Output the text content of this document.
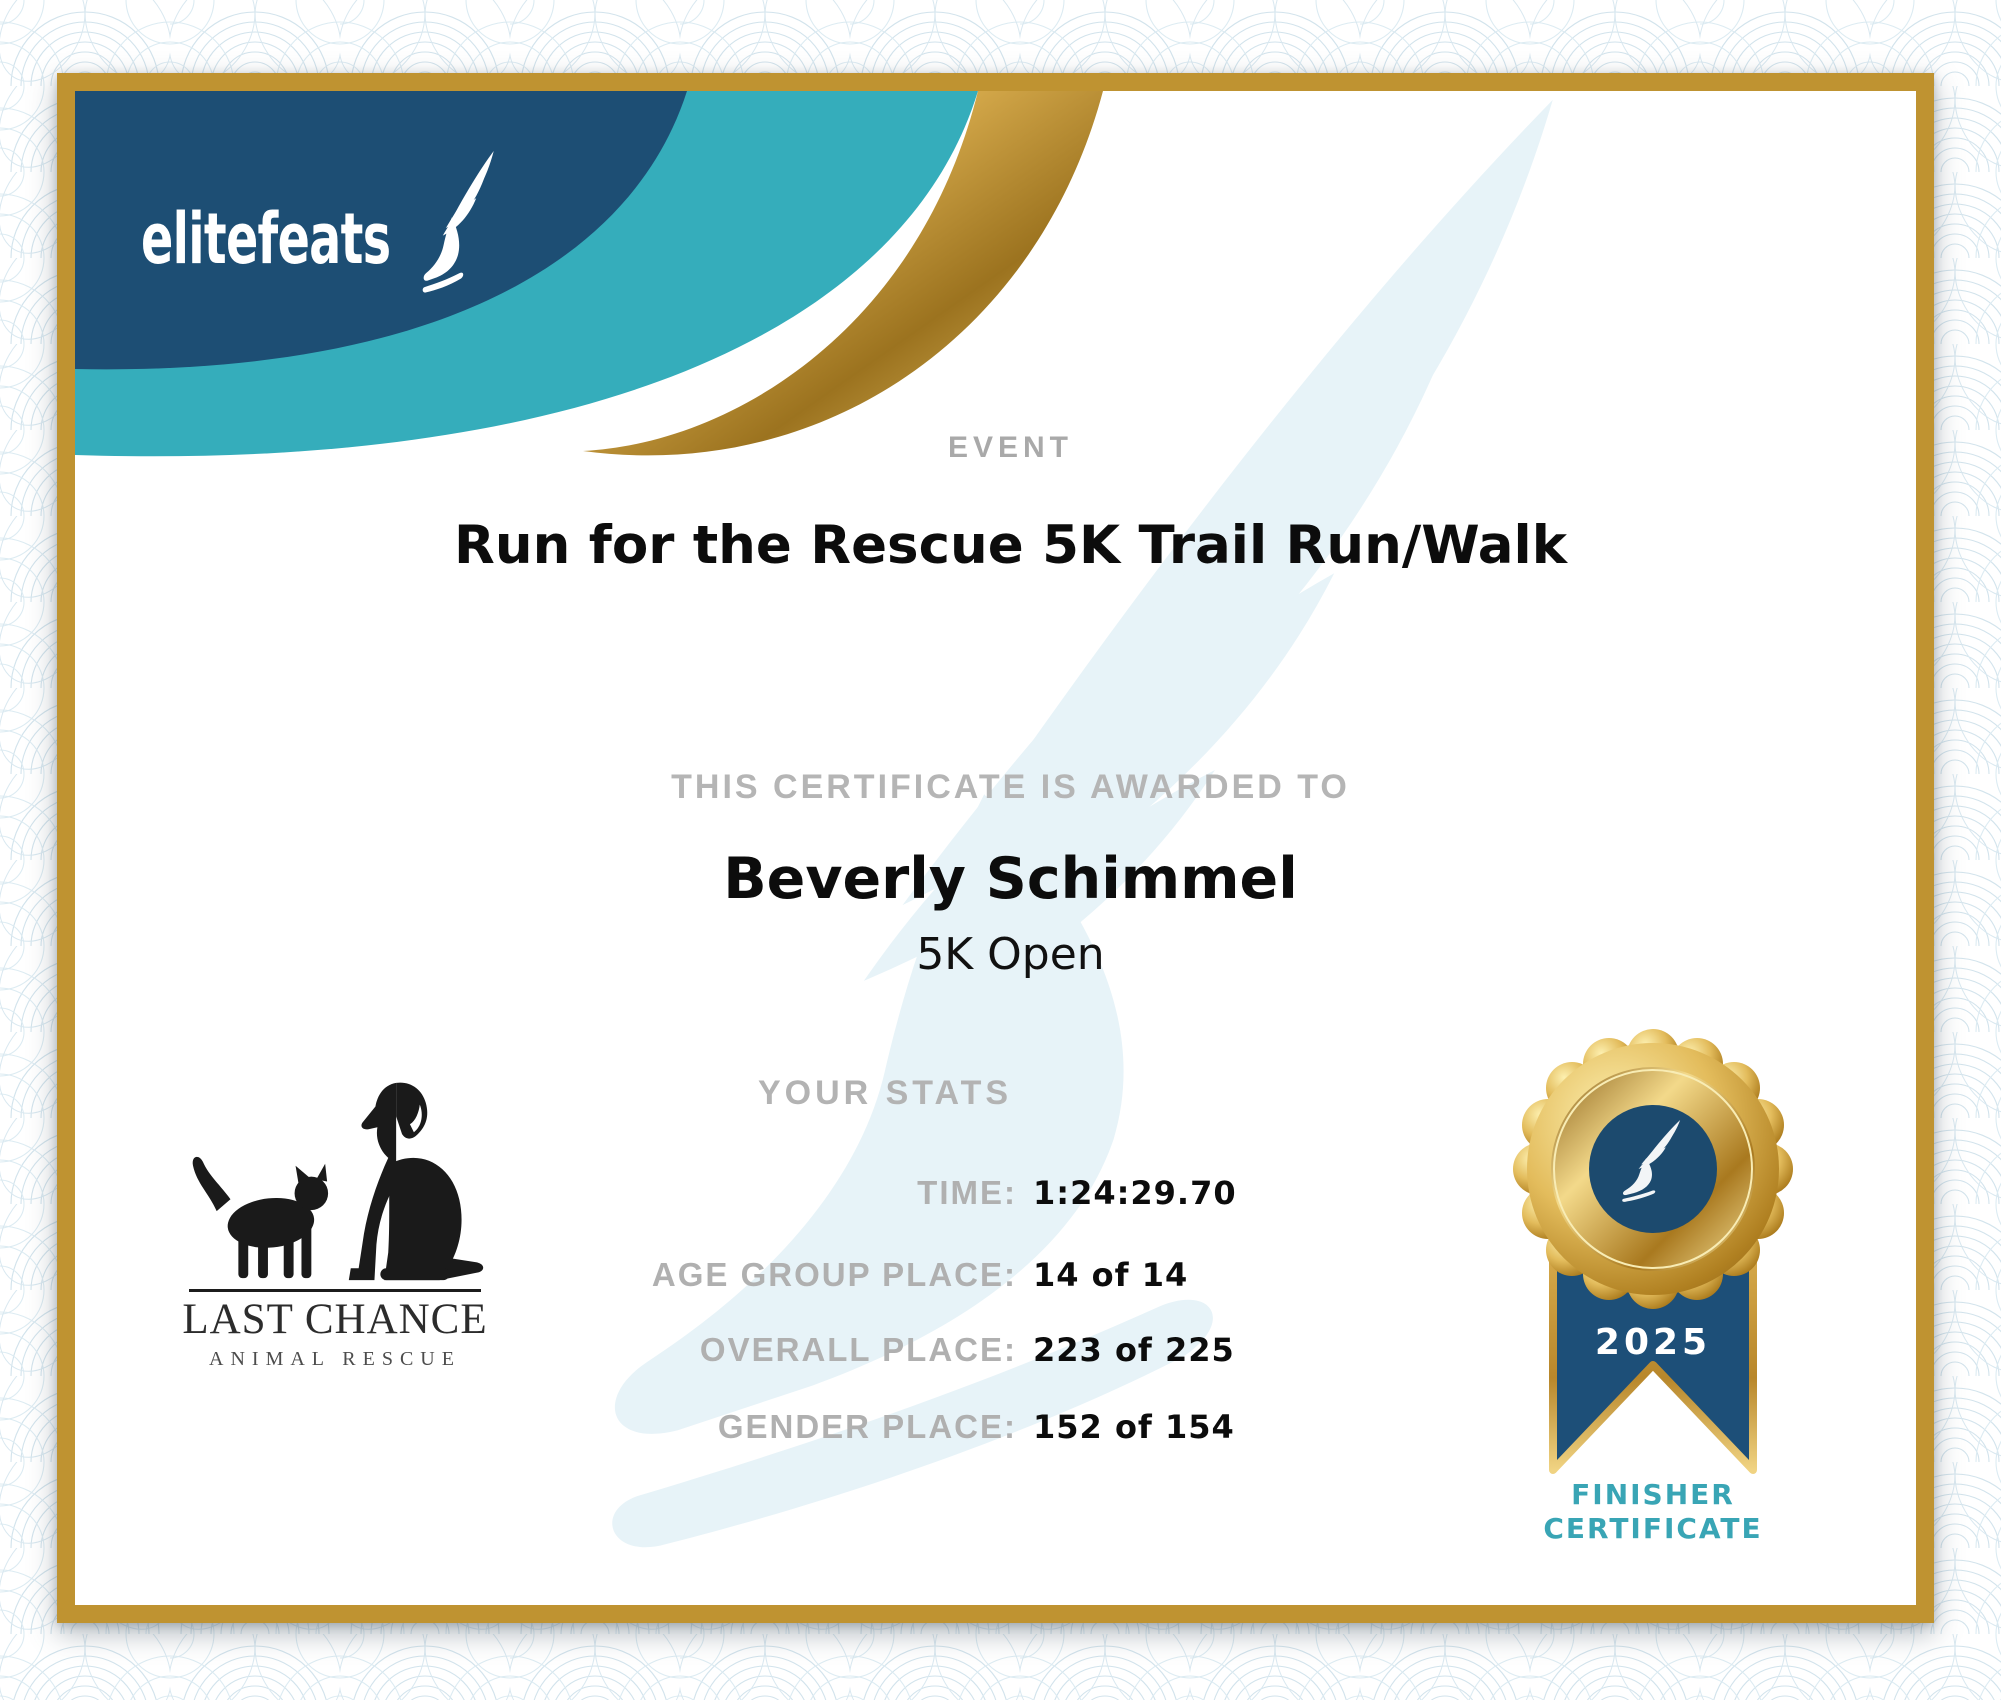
elitefeats
EVENT
Run for the Rescue 5K Trail Run/Walk
THIS CERTIFICATE IS AWARDED TO
Beverly Schimmel
5K Open
YOUR STATS
TIME: 1:24:29.70
AGE GROUP PLACE: 14 of 14
OVERALL PLACE: 223 of 225
GENDER PLACE: 152 of 154
LAST CHANCE
ANIMAL RESCUE	2025
FINISHER
CERTIFICATE
